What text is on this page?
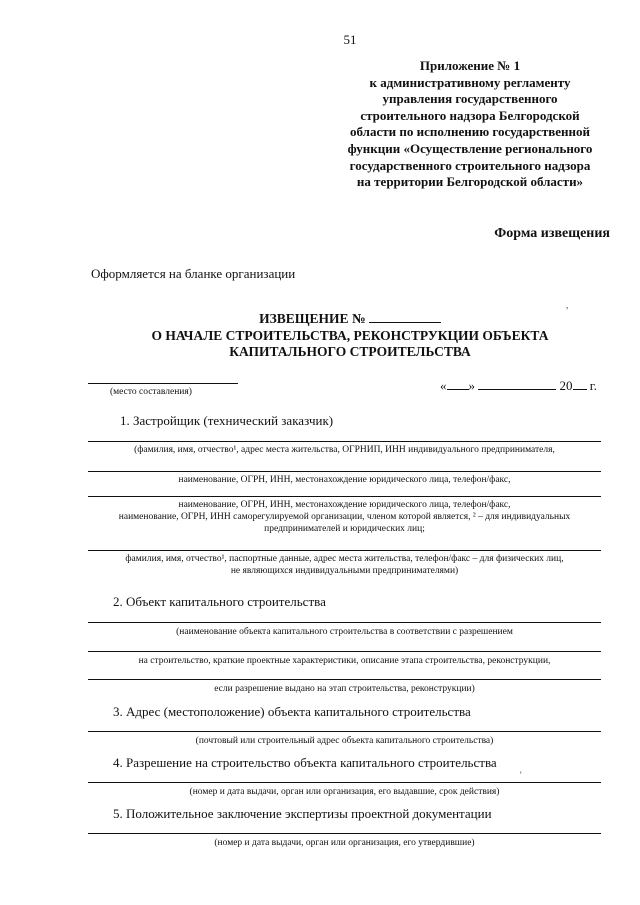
51
Приложение № 1
к административному регламенту
управления государственного
строительного надзора Белгородской
области по исполнению государственной
функции «Осуществление регионального
государственного строительного надзора
на территории Белгородской области»
Форма извещения
Оформляется на бланке организации
ИЗВЕЩЕНИЕ №
О НАЧАЛЕ СТРОИТЕЛЬСТВА, РЕКОНСТРУКЦИИ ОБЪЕКТА
КАПИТАЛЬНОГО СТРОИТЕЛЬСТВА
,
(место составления)	« »	20 г.
1. Застройщик (технический заказчик)
(фамилия, имя, отчество¹, адрес места жительства, ОГРНИП, ИНН индивидуального предпринимателя,
наименование, ОГРН, ИНН, местонахождение юридического лица, телефон/факс,
наименование, ОГРН, ИНН, местонахождение юридического лица, телефон/факс,
наименование, ОГРН, ИНН саморегулируемой организации, членом которой является, ² – для индивидуальных
предпринимателей и юридических лиц;
фамилия, имя, отчество¹, паспортные данные, адрес места жительства, телефон/факс – для физических лиц,
не являющихся индивидуальными предпринимателями)
2. Объект капитального строительства
(наименование объекта капитального строительства в соответствии с разрешением
на строительство, краткие проектные характеристики, описание этапа строительства, реконструкции,
если разрешение выдано на этап строительства, реконструкции)
3. Адрес (местоположение) объекта капитального строительства
(почтовый или строительный адрес объекта капитального строительства)
4. Разрешение на строительство объекта капитального строительства
'
(номер и дата выдачи, орган или организация, его выдавшие, срок действия)
5. Положительное заключение экспертизы проектной документации
(номер и дата выдачи, орган или организация, его утвердившие)
